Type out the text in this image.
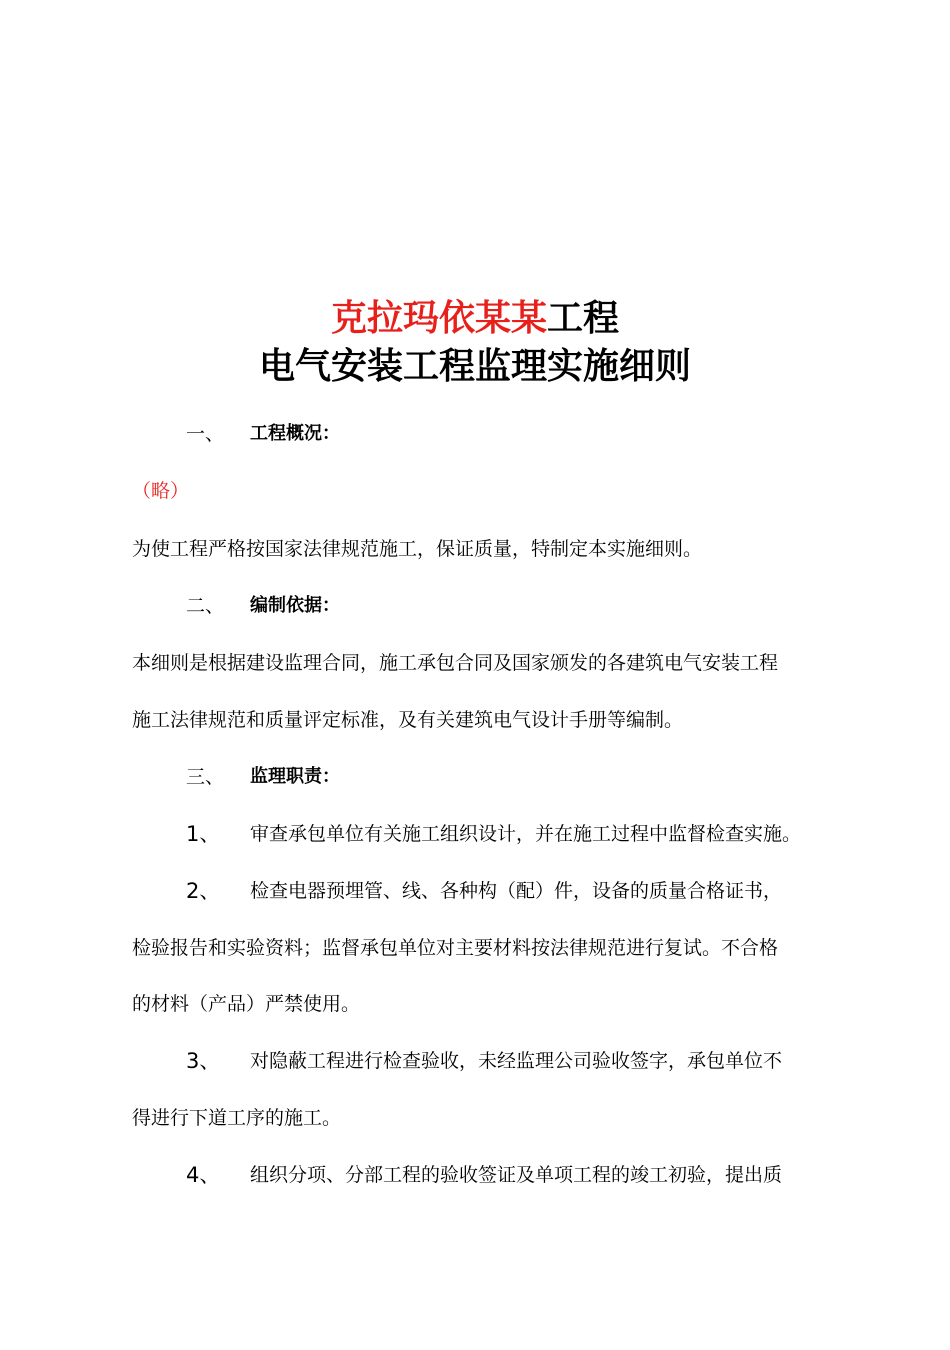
克拉玛依某某工程
电气安装工程监理实施细则
一、 工程概况：
（略）
为使工程严格按国家法律规范施工，保证质量，特制定本实施细则。
二、 编制依据：
本细则是根据建设监理合同，施工承包合同及国家颁发的各建筑电气安装工程
施工法律规范和质量评定标准，及有关建筑电气设计手册等编制。
三、 监理职责：
1、 审查承包单位有关施工组织设计，并在施工过程中监督检查实施。
2、 检查电器预埋管、线、各种构（配）件，设备的质量合格证书，
检验报告和实验资料；监督承包单位对主要材料按法律规范进行复试。不合格
的材料（产品）严禁使用。
3、 对隐蔽工程进行检查验收，未经监理公司验收签字，承包单位不
得进行下道工序的施工。
4、 组织分项、分部工程的验收签证及单项工程的竣工初验，提出质
